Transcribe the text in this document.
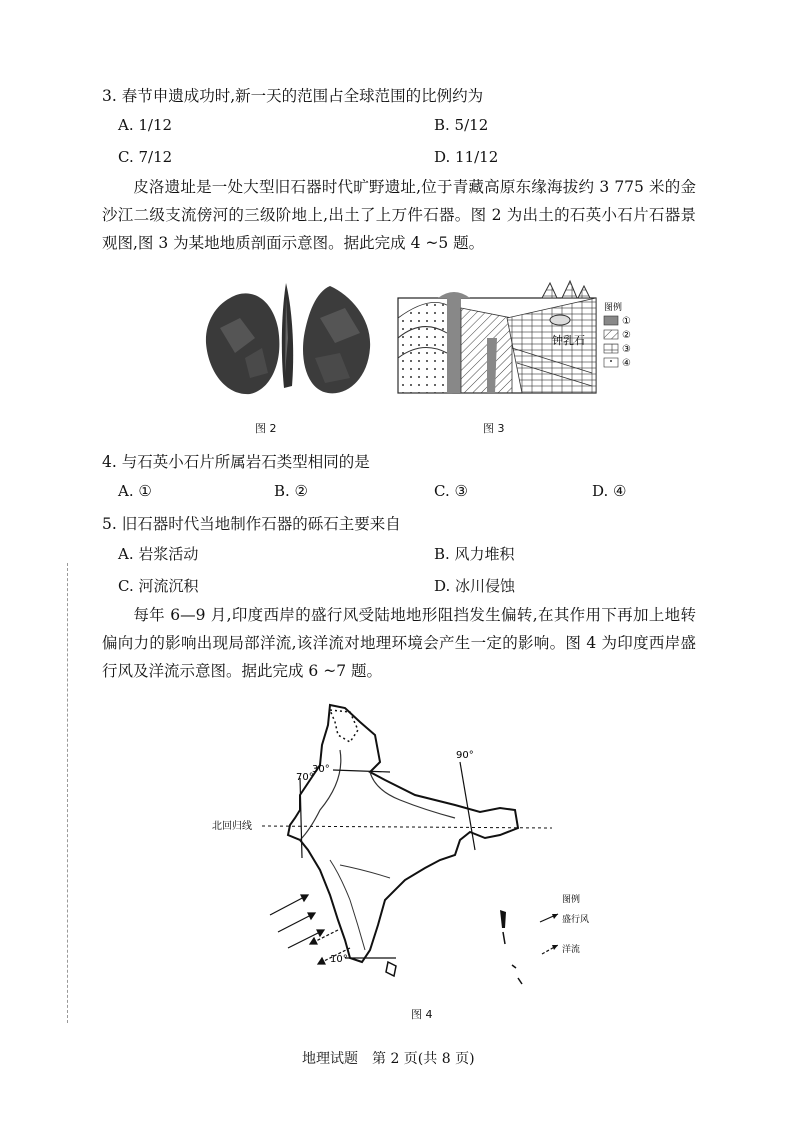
3. 春节申遗成功时,新一天的范围占全球范围的比例约为
A. 1/12	B. 5/12
C. 7/12	D. 11/12
皮洛遗址是一处大型旧石器时代旷野遗址,位于青藏高原东缘海拔约 3 775 米的金沙江二级支流傍河的三级阶地上,出土了上万件石器。图 2 为出土的石英小石片石器景观图,图 3 为某地地质剖面示意图。据此完成 4 ~5 题。
图 2
钟乳石
图例
①
②
③
④
图 3
4. 与石英小石片所属岩石类型相同的是
A. ①	B. ②	C. ③	D. ④
5. 旧石器时代当地制作石器的砾石主要来自
A. 岩浆活动	B. 风力堆积
C. 河流沉积	D. 冰川侵蚀
每年 6—9 月,印度西岸的盛行风受陆地地形阻挡发生偏转,在其作用下再加上地转偏向力的影响出现局部洋流,该洋流对地理环境会产生一定的影响。图 4 为印度西岸盛行风及洋流示意图。据此完成 6 ~7 题。
30°
70°
90°
北回归线
10°
图例
盛行风
洋流
图 4
地理试题　第 2 页(共 8 页)
